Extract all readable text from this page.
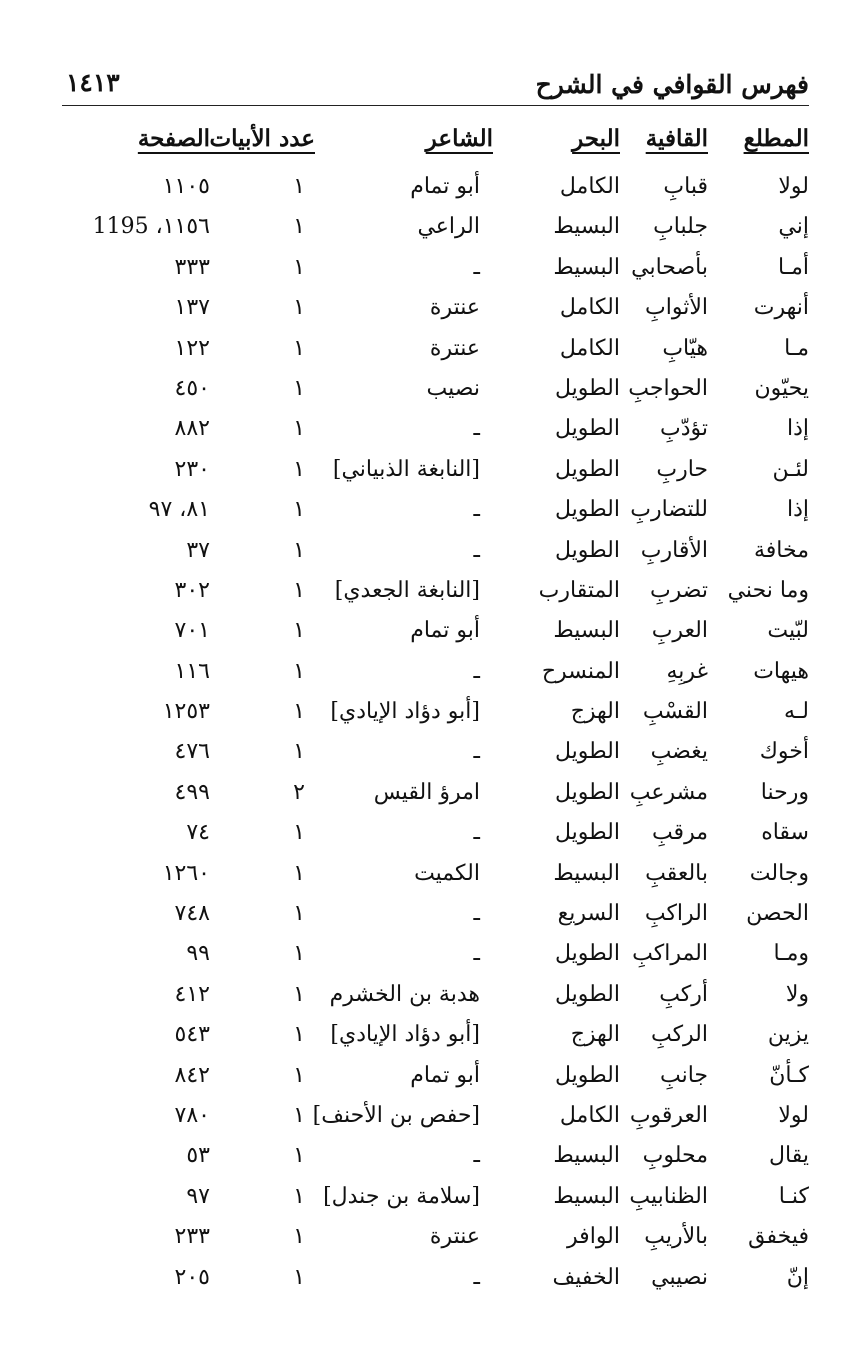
فهرس القوافي في الشرح
١٤١٣
المطلع
القافية
البحر
الشاعر
عدد الأبيات
الصفحة
لولا
قبابِ
الكامل
أبو تمام
١
١١٠٥
إني
جلبابِ
البسيط
الراعي
١
١١٥٦، 1195
أمـا
بأصحابي
البسيط
ـ
١
٣٣٣
أنهرت
الأثوابِ
الكامل
عنترة
١
١٣٧
مـا
هيّابِ
الكامل
عنترة
١
١٢٢
يحيّون
الحواجبِ
الطويل
نصيب
١
٤٥٠
إذا
تؤدّبِ
الطويل
ـ
١
٨٨٢
لئـن
حاربِ
الطويل
[النابغة الذبياني]
١
٢٣٠
إذا
للتضاربِ
الطويل
ـ
١
٨١، ٩٧
مخافة
الأقاربِ
الطويل
ـ
١
٣٧
وما نحني
تضربِ
المتقارب
[النابغة الجعدي]
١
٣٠٢
لبّيت
العربِ
البسيط
أبو تمام
١
٧٠١
هيهات
غربِهِ
المنسرح
ـ
١
١١٦
لـه
القسْبِ
الهزج
[أبو دؤاد الإيادي]
١
١٢٥٣
أخوك
يغضبِ
الطويل
ـ
١
٤٧٦
ورحنا
مشرعبِ
الطويل
امرؤ القيس
٢
٤٩٩
سقاه
مرقبِ
الطويل
ـ
١
٧٤
وجالت
بالعقبِ
البسيط
الكميت
١
١٢٦٠
الحصن
الراكبِ
السريع
ـ
١
٧٤٨
ومـا
المراكبِ
الطويل
ـ
١
٩٩
ولا
أركبِ
الطويل
هدبة بن الخشرم
١
٤١٢
يزين
الركبِ
الهزج
[أبو دؤاد الإيادي]
١
٥٤٣
كـأنّ
جانبِ
الطويل
أبو تمام
١
٨٤٢
لولا
العرقوبِ
الكامل
[حفص بن الأحنف]
١
٧٨٠
يقال
محلوبِ
البسيط
ـ
١
٥٣
كنـا
الظنابيبِ
البسيط
[سلامة بن جندل]
١
٩٧
فيخفق
بالأريبِ
الوافر
عنترة
١
٢٣٣
إنّ
نصيبي
الخفيف
ـ
١
٢٠٥
